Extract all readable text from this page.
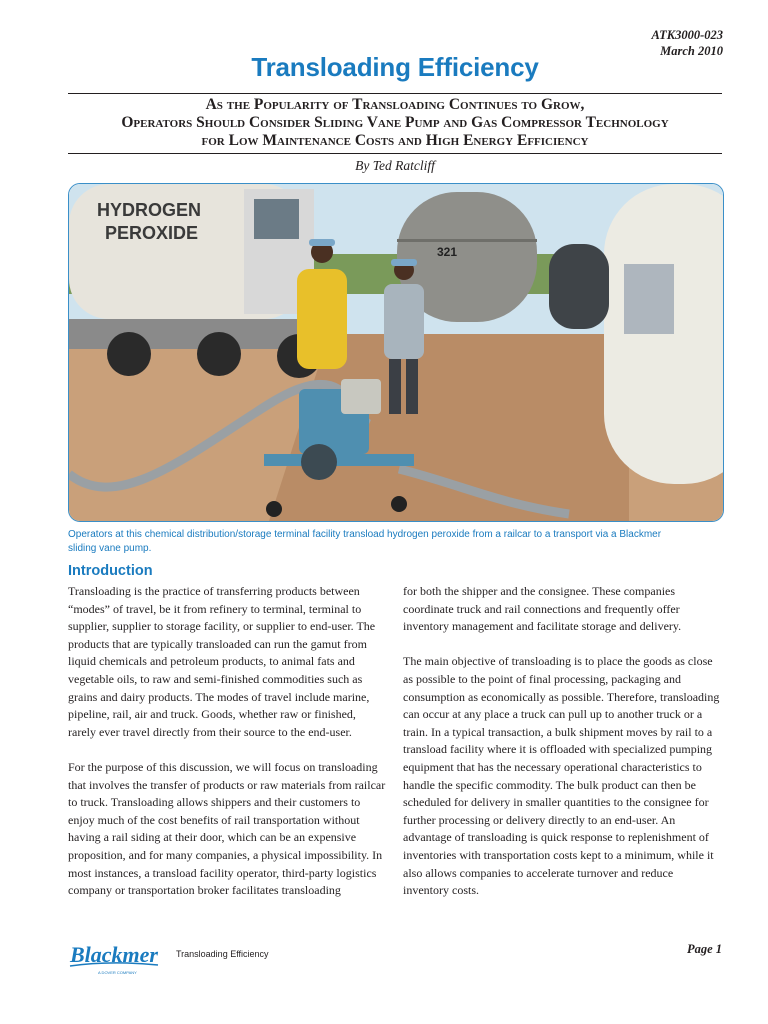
ATK3000-023
March 2010
Transloading Efficiency
As the Popularity of Transloading Continues to Grow,
Operators Should Consider Sliding Vane Pump and Gas Compressor Technology
for Low Maintenance Costs and High Energy Efficiency
By Ted Ratcliff
HYDROGEN
PEROXIDE
321
Operators at this chemical distribution/storage terminal facility transload hydrogen peroxide from a railcar to a transport via a Blackmer sliding vane pump.
Introduction

Transloading is the practice of transferring products between “modes” of travel, be it from refinery to terminal, terminal to supplier, supplier to storage facility, or supplier to end-user. The products that are typically transloaded can run the gamut from liquid chemicals and petroleum products, to animal fats and vegetable oils, to raw and semi-finished commodities such as grains and dairy products. The modes of travel include marine, pipeline, rail, air and truck. Goods, whether raw or finished, rarely ever travel directly from their source to the end-user.

For the purpose of this discussion, we will focus on transloading that involves the transfer of products or raw materials from railcar to truck. Transloading allows shippers and their customers to enjoy much of the cost benefits of rail transportation without having a rail siding at their door, which can be an expensive proposition, and for many companies, a physical impossibility. In most instances, a transload facility operator, third-party logistics company or transportation broker facilitates transloading

for both the shipper and the consignee. These companies coordinate truck and rail connections and frequently offer inventory management and facilitate storage and delivery.

The main objective of transloading is to place the goods as close as possible to the point of final processing, packaging and consumption as economically as possible. Therefore, transloading can occur at any place a truck can pull up to another truck or a train. In a typical transaction, a bulk shipment moves by rail to a transload facility where it is offloaded with specialized pumping equipment that has the necessary operational characteristics to handle the specific commodity. The bulk product can then be scheduled for delivery in smaller quantities to the consignee for further processing or delivery directly to an end-user. An advantage of transloading is quick response to replenishment of inventories with transportation costs kept to a minimum, while it also allows companies to accelerate turnover and reduce inventory costs.

Blackmer
A DOVER COMPANY
Transloading Efficiency	Page 1
